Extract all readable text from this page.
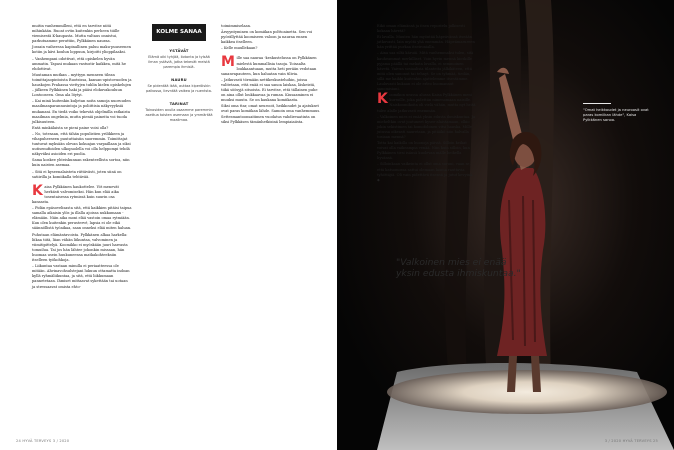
muitin vanhemmilleni, että en tarvitse niitä mihinkään. Ruoat ovtin kuitenkin perheen tiiille viemisestä K-kaupasta. Mutta valtaus onnistui, parkutuamme peruttiin, Pylkkänen nauraa.

Jossain vaiheessa kapinallinen paluu maku-puuseenen kotiin ja kävi koulun loppuun, kirjoitti ylioppilaaksi.

– Vanhempani odottivat, että opiskelen hyvän ammatin. Tapasi mukaan vastustir kaikkea, mitä he ehdottivat.

Muutaman mutkan – myttyyn menneen tilean toimittajaopintoista Ruotsissa, kansan-opistovuoden ja hauskojen Prahassa viettyjen tuhlin kielen opiskelujen – jälkeen Pylkkänen haki ja pääsi elokuvakouluun Lontooseen. Oma ala löytyi.

– Kai minä kuitenkin kuljetan noita samoja nuoruuden maailmanparannusintoja ja poliittisia näkyvyyksiä mukanani. En tiedä voiko tekevää ohjelmilla ratkaista maailman ongelmia, mutta pieniä paineita voi tuoda julkisuuteen.

Entä minkälaista se pieni paine voisi olla?

– No, totesaan, että tähän populistien yrilikkeen ja vihapuheeseen puututtaisiin suoremmin. Toimittajat tuntuvat myksään olevan kokuajan varpaillaan ja siksi uutisenufioiden ulkopuolella voi olla helppompi tehdä näkyväksi asioiden eri puolia.

Sama koskee yhteiskunnan rakenteellista sortoa, niin kuin naisten asemaa.

– Sitä ei kyseenalaisteta riittävästi, joten siinä on satiirilla ja komiikalla tehtävää.

Kaisa Pylkkänen haukottelee. Yöt menevät herkästi valvomiseksi. Hän kun elää aika tosentaisessa rytmissä kuin suurin osa kansasta.

– Pidän epäsovelisasta sitä, että kaikkien pitäisi taipua samalla aikaisin ylös ja illalla ajoissa nukkumaan -elämään. Näin aika moni elää vastoin omaa rytmiään. Kun olen kuitenkin perustervé, lapsia ei ole eikä säännöllistä työaikaa, saan onneksi elää miten haluan.

Puhutaan elämäntavoista. Pylkkänen alkaa harkella: liikaa tiitä, liian vähän liikuntaa, valvominen ja viimitipittelyä. Koomikko ei myöskään juuri harrasta tomuilua. Tai jos hän lähtee johonkin missaan, hän huomaa usein huukuneensa matkakohteeksiin itselleen työkohkoja.

– Liikuntaa vastaan minulla ei periaatteessa ole mitään. Ahvinavohsulstejani lukuun ottamatta indoan kyllä ryhmäliikuntaa, ja sitä, että liikkumaan pannetetaan. Ihmiset mittaavat sykettään tai uotaan ja stressaavat omista ehto-

KOLME SANAA
YSTÄVÄT
Elämä oiki tyhjää, ilotonta ja tylsää ilman ystäviä, jotka tekevät meistä parempia ihmisiä.
NAURU
Se pidentää ikää, auttaa kiperöiskin paikossa, lievntää vaikea ja nuentsta.
TARINAT
Toinosiden avulla osaamme paremmin asettua toisten asemaan ja ymmärtää maailmaa.

toimimmiselaan.

Ärsyyntyminen on komiikan polttoainetta. Sen voi pyörällyttää koomiseen valoon ja nauraa ennen kaikkea itselleen.

– Kelle muullekaan?

Mille saa nauraa -keskustelussa on Pylkkänen mielestä kummallisia tasoja. Toisaalta loukkaantuaan, mutta heti perään vedotaan sananvapauteen, kun haluatan vain tilivia.

– Jatkuvasti törmään nettikeskusteluihin, joissa valitetaan, että enää ei saa sanoa laiskaa, läskeistä, tiikä söösyjä sitsoista. Ei tarvitse, että tällainen puhe on aina ollut loukkaavaa ja ruman. Kiusaaminen ei muuksi muutu. Se on kaukana komiikasta.

Siksi oma ttar, omat neurooit, heikkoudet ja ajatukset ovat paras komiikan lähde. Samoin oma vanhemmuus. Settesmantoonsaitimen vuodatus vahdievaatinta on siksi Pylkkäsen tämänhetkisinä lempiaiaiista.

24 HYVÄ TERVEYS 3 / 2020
"Omat heikkoudet ja neuroosit ovat paras komiikan lähde", Kaisa Pylkkänen sanoo.
3 / 2020 HYVÄ TERVEYS 25

Eikö oman elämänsä ja itsen repostelu julkisesti kokaan hävetä?

Ei lavalla. Muuten hän myöntää häpeävänsä itseään jatkuvasti, lain myötä yhä enemmän. Häpeämarureen hän yrittää purkaa itseironialla.

– Aina saa siltä käruiä. Mitä vanhemmaksi tulen, sitä kauheammat merkilliset. Voin hyvin mennä kioskille pyjama päällä tai mekata luvalla, ei semmoinen hävetä. Vaivun sosiaalisia tilanteita jälkikäteen, että mitä olen sanonut tai tehnyt. Se on tyhmää, tiedän, sillä me kaikki kuitenkin ajattelemme itsestämme. Lauluvasti kukaan ei ole erleo huomannut sanomisiani.

Koomikon urassa alussa Kaisa Pylkkänen meni kurssille, joka pidettiin nimenomaan naisille. Naiskoomikoita oli vielä vähän, mutta nyt heitä tulee alalle jatkuvasti enemmän.

– Valkoinen mies ei enää yksin edusta ihmiskuntaa. Ja mieheltkin ovat joutuneet kysee-alaistamaan, olkio jokin sekistimen tai homofobinen vitsi hauska. Mille jutussa oikeasti nauretaan, ja pitääkö niin halvalla tosiaan mennä?

Totta kai kaikilla on huonoja päiviä. Silloin keikat voivat olla vaikeampia venää. Niin kuin silloin, kun Pylkkänen tiesi isänsä kuolevan mälle heikella hyvänsä.

– Silloinkaan vaikeinta ei ollut oma suruni, vaan se, että katsomossa sattui olemaan lauma rauttavia tyhöttäjiä. Oli vain pidettävä itsensä ja jutut kevyinä. ◆

"Valkoinen mies ei enää yksin edusta ihmiskuntaa."
